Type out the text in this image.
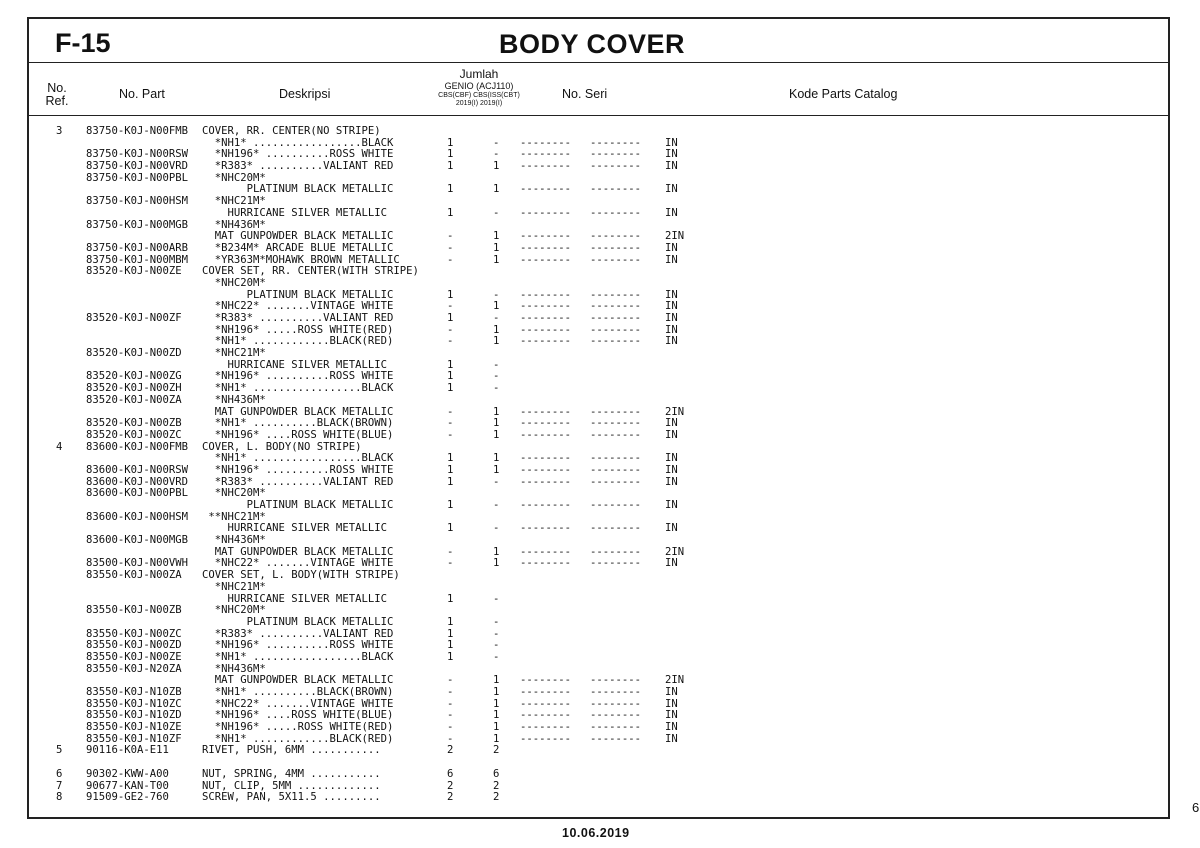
F-15	BODY COVER
No.
Ref.	No. Part	Deskripsi
Jumlah
GENIO (ACJ110)
CBS(CBF) CBS(ISS(CBT)
2019(I) 2019(I)
No. Seri	Kode Parts Catalog
3 83750-K0J-N00FMB COVER, RR. CENTER(NO STRIPE)
*NH1* .................BLACK	1	- -------- -------- IN
83750-K0J-N00RSW *NH196* ..........ROSS WHITE	1	- -------- -------- IN
83750-K0J-N00VRD *R383* ..........VALIANT RED	1	1 -------- -------- IN
83750-K0J-N00PBL *NHC20M*
PLATINUM BLACK METALLIC	1	1 -------- -------- IN
83750-K0J-N00HSM *NHC21M*
HURRICANE SILVER METALLIC	1	- -------- -------- IN
83750-K0J-N00MGB *NH436M*
MAT GUNPOWDER BLACK METALLIC	-	1 -------- -------- 2IN
83750-K0J-N00ARB *B234M* ARCADE BLUE METALLIC	-	1 -------- -------- IN
83750-K0J-N00MBM *YR363M*MOHAWK BROWN METALLIC	-	1 -------- -------- IN
83520-K0J-N00ZE COVER SET, RR. CENTER(WITH STRIPE)
*NHC20M*
PLATINUM BLACK METALLIC	1	- -------- -------- IN
*NHC22* .......VINTAGE WHITE	-	1 -------- -------- IN
83520-K0J-N00ZF *R383* ..........VALIANT RED	1	- -------- -------- IN
*NH196* .....ROSS WHITE(RED)	-	1 -------- -------- IN
*NH1* ............BLACK(RED)	-	1 -------- -------- IN
83520-K0J-N00ZD *NHC21M*
HURRICANE SILVER METALLIC	1	-
83520-K0J-N00ZG *NH196* ..........ROSS WHITE	1	-
83520-K0J-N00ZH *NH1* .................BLACK	1	-
83520-K0J-N00ZA *NH436M*
MAT GUNPOWDER BLACK METALLIC	-	1 -------- -------- 2IN
83520-K0J-N00ZB *NH1* ..........BLACK(BROWN)	-	1 -------- -------- IN
83520-K0J-N00ZC *NH196* ....ROSS WHITE(BLUE)	-	1 -------- -------- IN
4 83600-K0J-N00FMB COVER, L. BODY(NO STRIPE)
*NH1* .................BLACK	1	1 -------- -------- IN
83600-K0J-N00RSW *NH196* ..........ROSS WHITE	1	1 -------- -------- IN
83600-K0J-N00VRD *R383* ..........VALIANT RED	1	- -------- -------- IN
83600-K0J-N00PBL *NHC20M*
PLATINUM BLACK METALLIC	1	- -------- -------- IN
83600-K0J-N00HSM **NHC21M*
HURRICANE SILVER METALLIC	1	- -------- -------- IN
83600-K0J-N00MGB *NH436M*
MAT GUNPOWDER BLACK METALLIC	-	1 -------- -------- 2IN
83500-K0J-N00VWH *NHC22* .......VINTAGE WHITE	-	1 -------- -------- IN
83550-K0J-N00ZA COVER SET, L. BODY(WITH STRIPE)
*NHC21M*
HURRICANE SILVER METALLIC	1	-
83550-K0J-N00ZB *NHC20M*
PLATINUM BLACK METALLIC	1	-
83550-K0J-N00ZC *R383* ..........VALIANT RED	1	-
83550-K0J-N00ZD *NH196* ..........ROSS WHITE	1	-
83550-K0J-N00ZE *NH1* .................BLACK	1	-
83550-K0J-N20ZA *NH436M*
MAT GUNPOWDER BLACK METALLIC	-	1 -------- -------- 2IN
83550-K0J-N10ZB *NH1* ..........BLACK(BROWN)	-	1 -------- -------- IN
83550-K0J-N10ZC *NHC22* .......VINTAGE WHITE	-	1 -------- -------- IN
83550-K0J-N10ZD *NH196* ....ROSS WHITE(BLUE)	-	1 -------- -------- IN
83550-K0J-N10ZE *NH196* .....ROSS WHITE(RED)	-	1 -------- -------- IN
83550-K0J-N10ZF *NH1* ............BLACK(RED)	-	1 -------- -------- IN
5 90116-K0A-E11	RIVET, PUSH, 6MM ...........	2	2
6 90302-KWW-A00	NUT, SPRING, 4MM ...........	6	6
7 90677-KAN-T00	NUT, CLIP, 5MM .............	2	2
8 91509-GE2-760	SCREW, PAN, 5X11.5 .........	2	2
10.06.2019
6
